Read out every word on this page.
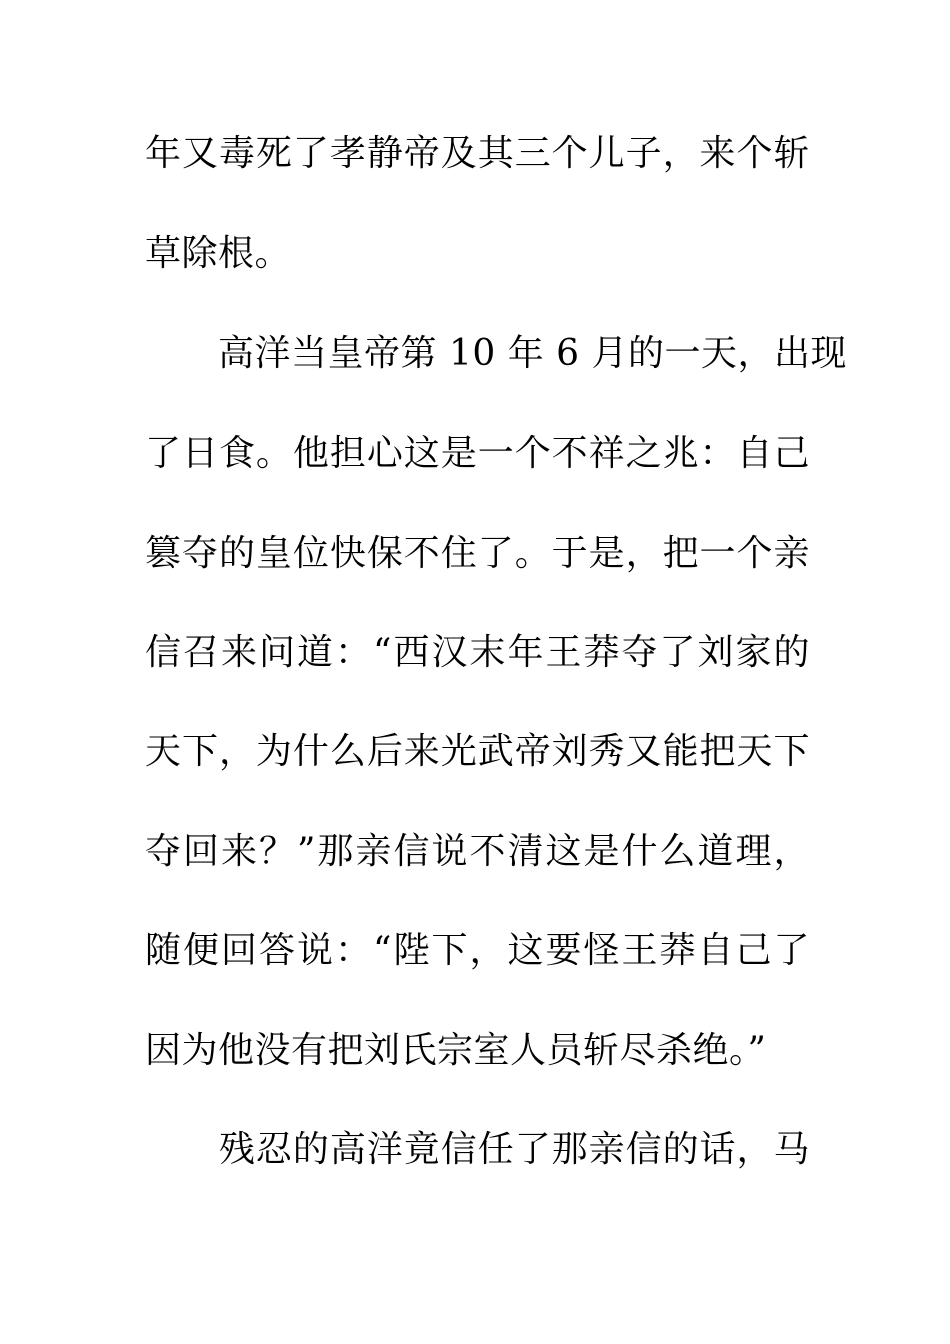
年又毒死了孝静帝及其三个儿子，来个斩
草除根。
　　高洋当皇帝第 10 年 6 月的一天，出现
了日食。他担心这是一个不祥之兆：自己
篡夺的皇位快保不住了。于是，把一个亲
信召来问道：“西汉末年王莽夺了刘家的
天下，为什么后来光武帝刘秀又能把天下
夺回来？”那亲信说不清这是什么道理，
随便回答说：“陛下，这要怪王莽自己了
因为他没有把刘氏宗室人员斩尽杀绝。”
　　残忍的高洋竟信任了那亲信的话，马
